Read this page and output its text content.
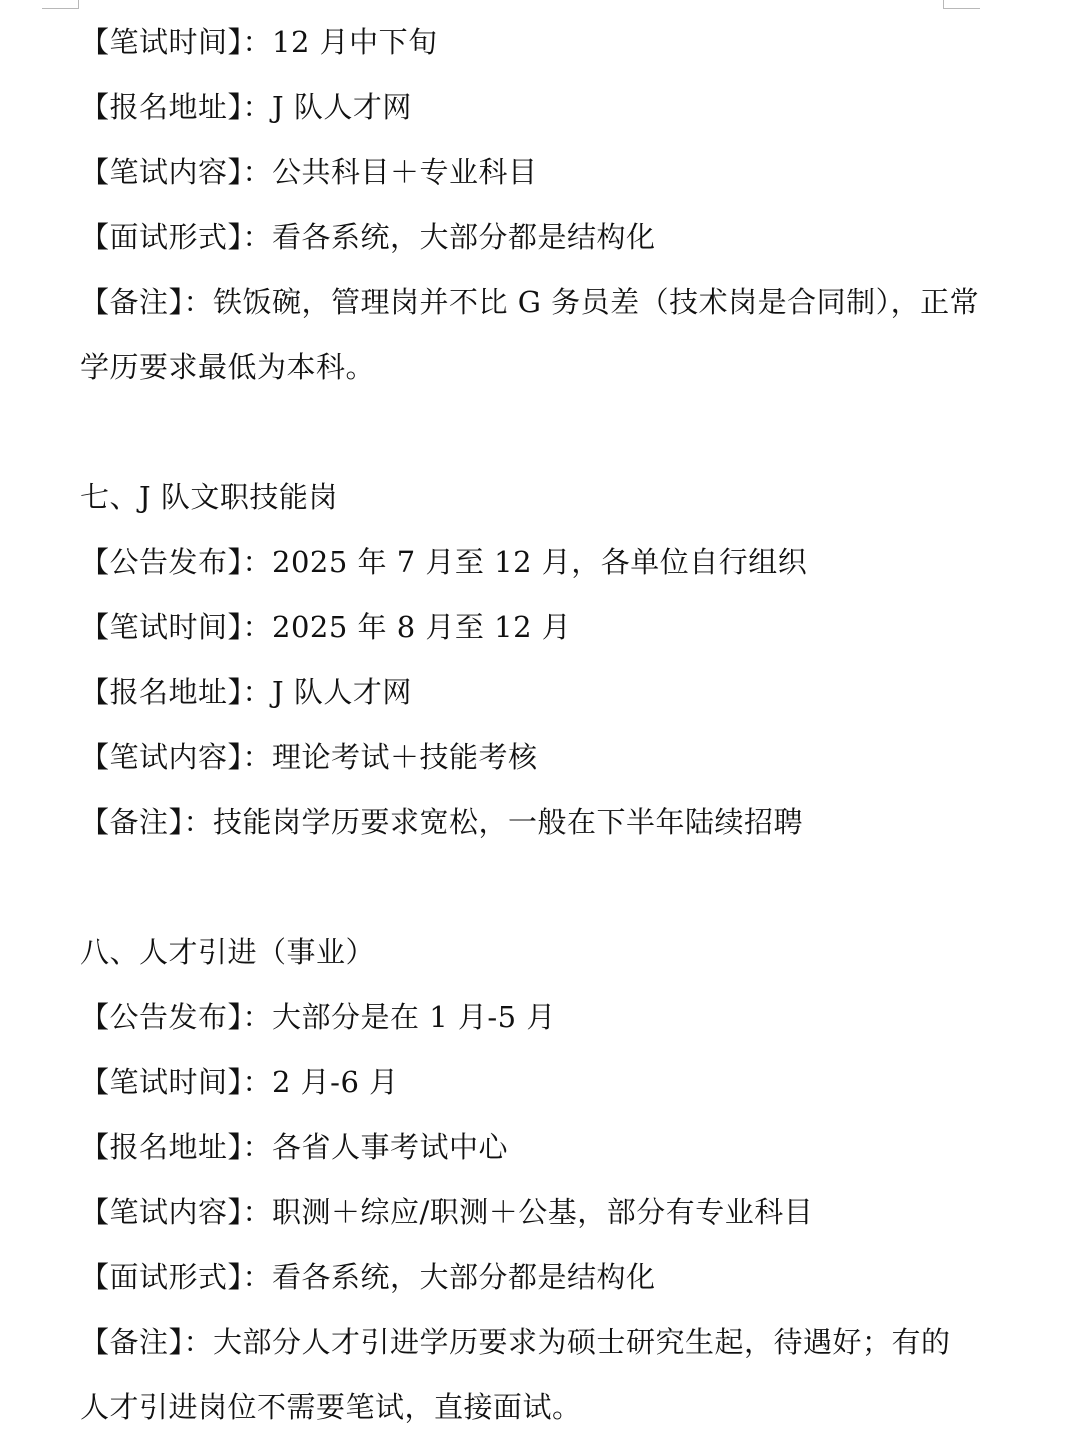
【笔试时间】：12 月中下旬
【报名地址】：J 队人才网
【笔试内容】：公共科目＋专业科目
【面试形式】：看各系统，大部分都是结构化
【备注】：铁饭碗，管理岗并不比 G 务员差（技术岗是合同制），正常
学历要求最低为本科。
七、J 队文职技能岗
【公告发布】：2025 年 7 月至 12 月，各单位自行组织
【笔试时间】：2025 年 8 月至 12 月
【报名地址】：J 队人才网
【笔试内容】：理论考试＋技能考核
【备注】：技能岗学历要求宽松，一般在下半年陆续招聘
八、人才引进（事业）
【公告发布】：大部分是在 1 月-5 月
【笔试时间】：2 月-6 月
【报名地址】：各省人事考试中心
【笔试内容】：职测＋综应/职测＋公基，部分有专业科目
【面试形式】：看各系统，大部分都是结构化
【备注】：大部分人才引进学历要求为硕士研究生起，待遇好；有的
人才引进岗位不需要笔试，直接面试。
